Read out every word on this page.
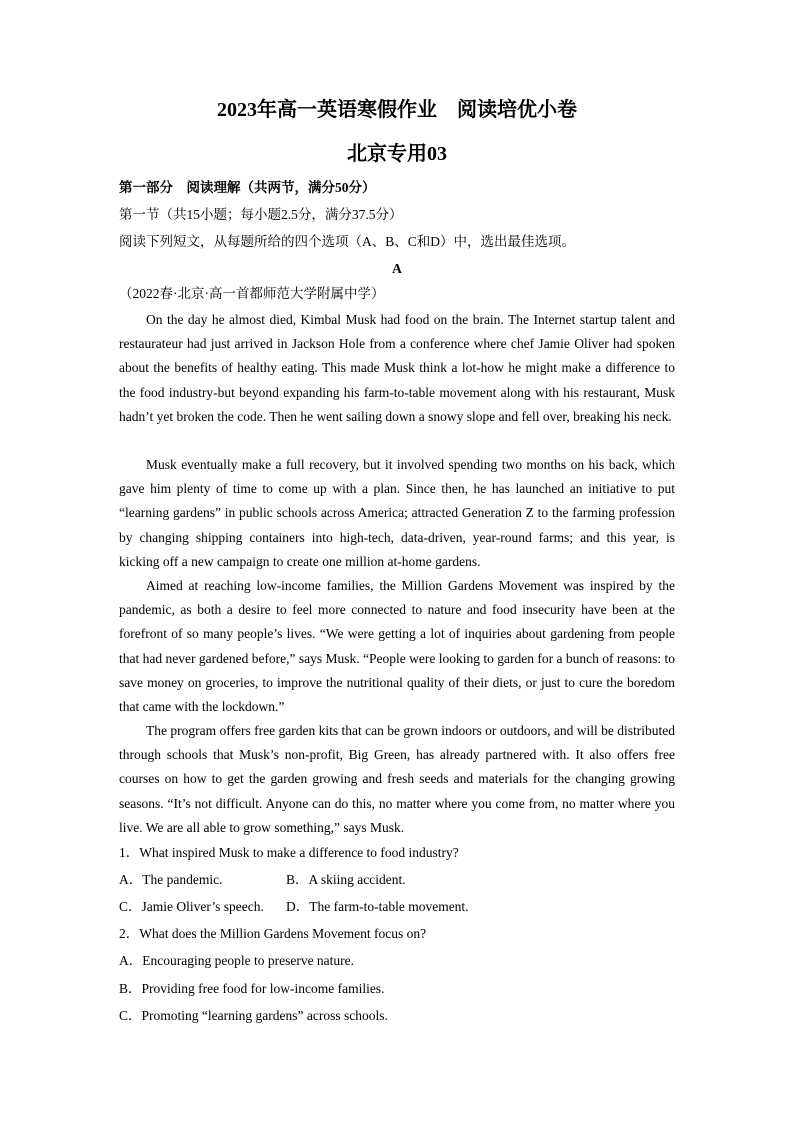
2023年高一英语寒假作业　阅读培优小卷
北京专用03
第一部分　阅读理解（共两节，满分50分）
第一节（共15小题；每小题2.5分，满分37.5分）
阅读下列短文，从每题所给的四个选项（A、B、C和D）中，选出最佳选项。
A
（2022春·北京·高一首都师范大学附属中学）

On the day he almost died, Kimbal Musk had food on the brain. The Internet startup talent and restaurateur had just arrived in Jackson Hole from a conference where chef Jamie Oliver had spoken about the benefits of healthy eating. This made Musk think a lot-how he might make a difference to the food industry-but beyond expanding his farm-to-table movement along with his restaurant, Musk hadn’t yet broken the code. Then he went sailing down a snowy slope and fell over, breaking his neck.

Musk eventually make a full recovery, but it involved spending two months on his back, which gave him plenty of time to come up with a plan. Since then, he has launched an initiative to put “learning gardens” in public schools across America; attracted Generation Z to the farming profession by changing shipping containers into high-tech, data-driven, year-round farms; and this year, is kicking off a new campaign to create one million at-home gardens.

Aimed at reaching low-income families, the Million Gardens Movement was inspired by the pandemic, as both a desire to feel more connected to nature and food insecurity have been at the forefront of so many people’s lives. “We were getting a lot of inquiries about gardening from people that had never gardened before,” says Musk. “People were looking to garden for a bunch of reasons: to save money on groceries, to improve the nutritional quality of their diets, or just to cure the boredom that came with the lockdown.”

The program offers free garden kits that can be grown indoors or outdoors, and will be distributed through schools that Musk’s non-profit, Big Green, has already partnered with. It also offers free courses on how to get the garden growing and fresh seeds and materials for the changing growing seasons. “It’s not difficult. Anyone can do this, no matter where you come from, no matter where you live. We are all able to grow something,” says Musk.

1．What inspired Musk to make a difference to food industry?
A．The pandemic.	B．A skiing accident.
C．Jamie Oliver’s speech. D．The farm-to-table movement.
2．What does the Million Gardens Movement focus on?
A．Encouraging people to preserve nature.
B．Providing free food for low-income families.
C．Promoting “learning gardens” across schools.
